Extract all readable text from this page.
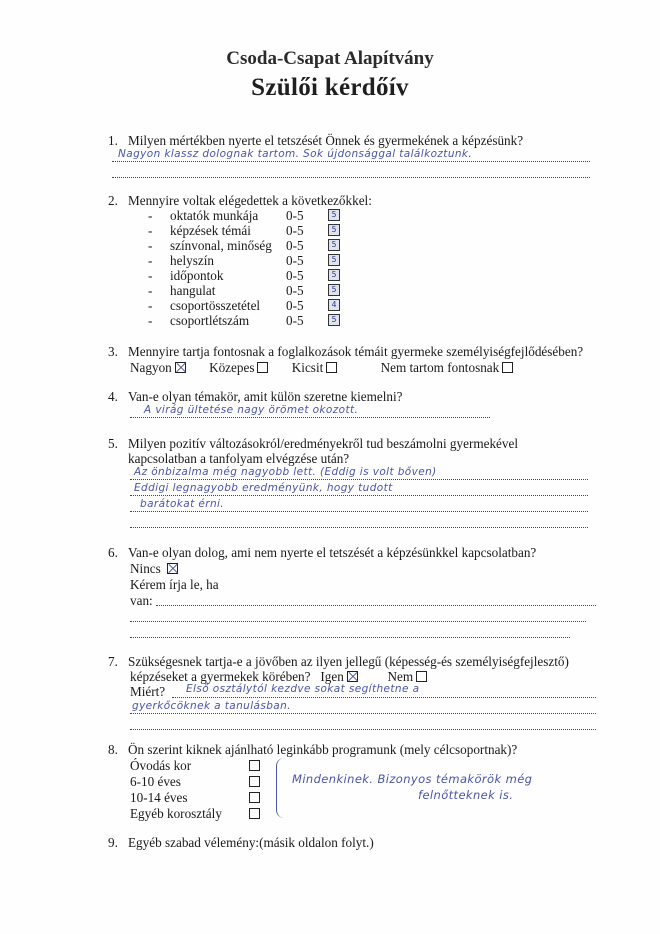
Csoda-Csapat Alapítvány
Szülői kérdőív
1. Milyen mértékben nyerte el tetszését Önnek és gyermekének a képzésünk?
Nagyon klassz dolognak tartom. Sok újdonsággal találkoztunk.
2. Mennyire voltak elégedettek a következőkkel:
- oktatók munkája 0-5	5
- képzések témái	0-5	5
- színvonal, minőség 0-5	5
- helyszín	0-5	5
- időpontok	0-5	5
- hangulat	0-5	5
- csoportösszetétel 0-5	4
- csoportlétszám	0-5	5
3. Mennyire tartja fontosnak a foglalkozások témáit gyermeke személyiségfejlődésében?
Nagyon	Közepes	Kicsit	Nem tartom fontosnak
4. Van-e olyan témakör, amit külön szeretne kiemelni?
A virág ültetése nagy örömet okozott.
5. Milyen pozitív változásokról/eredményekről tud beszámolni gyermekével
kapcsolatban a tanfolyam elvégzése után?
Az önbizalma még nagyobb lett. (Eddig is volt bőven)
Eddigi legnagyobb eredményünk, hogy tudott
barátokat érni.
6. Van-e olyan dolog, ami nem nyerte el tetszését a képzésünkkel kapcsolatban?
Nincs
Kérem írja le, ha
van:
7. Szükségesnek tartja-e a jövőben az ilyen jellegű (képesség-és személyiségfejlesztő)
képzéseket a gyermekek körében? Igen	Nem
Miért? Első osztálytól kezdve sokat segíthetne a
gyerkőcöknek a tanulásban.
8. Ön szerint kiknek ajánlható leginkább programunk (mely célcsoportnak)?
Óvodás kor
6-10 éves
10-14 éves
Egyéb korosztály
Mindenkinek. Bizonyos témakörök még
felnőtteknek is.
9. Egyéb szabad vélemény:(másik oldalon folyt.)
